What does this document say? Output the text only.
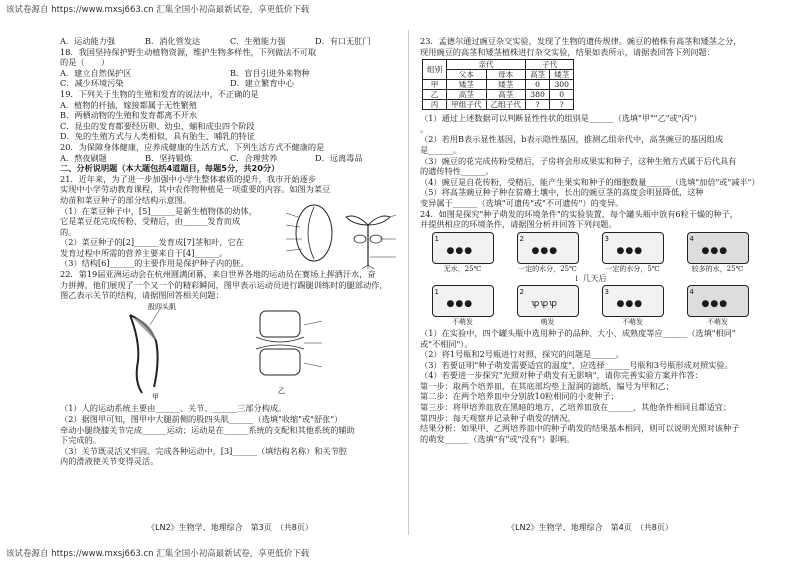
该试卷源自 https://www.mxsj663.cn 汇集全国小初高最新试卷，享更低价下载
A．运动能力强	B．消化管发达	C．生殖能力强	D．有口无肛门
18．我国坚持保护野生动植物资源，维护生物多样性，下列做法不可取
的是（　　）
A．建立自然保护区	B．盲目引进外来物种
C．减少环境污染	D．建立繁育中心
19．下列关于生物的生殖和发育的说法中，不正确的是
A．植物的扦插，嫁接都属于无性繁殖
B．两栖动物的生殖和发育都离不开水
C．昆虫的发育都要经历卵、幼虫、蛹和成虫四个阶段
D．兔的生殖方式与人类相似，具有胎生、哺乳的特征
20．为保障身体健康，应养成健康的生活方式，下列生活方式不健康的是
A．熬夜刷题	B．坚持锻炼	C．合理营养	D．远离毒品
二、分析说明题（本大题包括4道题目，每题5分，共20分）
21．近年来，为了进一步加强中小学生整体素质的提升，我市开始逐步
实现中小学劳动教育课程，其中农作物种植是一项重要的内容。如图为菜豆
幼苗和菜豆种子的部分结构示意图。
（1）在菜豆种子中，[5]______是新生植物体的幼体，
它是菜豆花完成传粉、受精后，由______发育而成
的。
（2）菜豆种子的[2]______发育成[7]茎和叶，它在
发育过程中所需的营养主要来自于[4]______。
（3）结构[6]______的主要作用是保护种子内的胚。
22．第19届亚洲运动会在杭州圆满闭幕，来自世界各地的运动员在赛场上挥洒汗水，奋
力拼搏，他们展现了一个又一个的精彩瞬间，图甲表示运动员进行踢腿训练时的腿部动作，
图乙表示关节的结构，请据图回答相关问题：
股四头肌
甲
乙
（1）人的运动系统主要由______、关节、______三部分构成。
（2）据图甲可知，图甲中大腿前侧的股四头肌______（选填"收缩"或"舒张"）
牵动小腿绕膝关节完成______运动；运动是在______系统的支配和其他系统的辅助
下完成的。
（3）关节既灵活又牢固。完成各种运动中，[3]______（填结构名称）和关节腔
内的滑液使关节变得灵活。
《LN2》生物学、地理综合　第3页　（共8页）
23．孟德尔通过豌豆杂交实验，发现了生物的遗传规律。豌豆的植株有高茎和矮茎之分，
现用豌豆的高茎和矮茎植株进行杂交实验，结果如表所示，请据表回答下列问题：
组别	亲代		子代	
	父本	母本	高茎	矮茎
甲	矮茎	矮茎	0	300
乙	高茎	高茎	380	0
丙	甲组子代	乙组子代	?	?
（1）通过上述数据可以判断显性性状的组别是______（选填"甲""乙"或"丙"）
。
（2）若用B表示显性基因，b表示隐性基因，推测乙组亲代中，高茎豌豆的基因组成
是______。
（3）豌豆的花完成传粉受精后，子房将会形成果实和种子，这种生殖方式属于后代具有
的遗传特性______。
（4）豌豆是自花传粉，受精后，能产生果实和种子的细胞数量______（选填"加倍"或"减半"）
（5）将高茎豌豆种子种在贫瘠土壤中，长出的豌豆茎的高度会明显降低，这种
变异属于______（选填"可遗传"或"不可遗传"）的变异。
24．如图是探究"种子萌发的环境条件"的实验装置，每个罐头瓶中放有6粒干燥的种子，
并提供相应的环境条件，请据图分析并回答下列问题。
1
●●●
无水，25℃
2
●●●
一定的水分，25℃
3
●●●
一定的水分，5℃
4
●●●
较多的水，25℃
↓ 几天后
1
●●●
不萌发
2
ꝕꝕꝕ
萌发
3
●●●
不萌发
4
●●●
不萌发
（1）在实验中，四个罐头瓶中选用种子的品种、大小、成熟度等应______（选填"相同"
或"不相同"）。
（2）将1号瓶和2号瓶进行对照，探究的问题是______。
（3）若要证明"种子萌发需要适宜的温度"，应选择______号瓶和3号瓶形成对照实验。
（4）若要进一步探究"光照对种子萌发有无影响"，请你完善实验方案并作答：
第一步：取两个培养皿，在其底部均垫上湿润的滤纸，编号为甲和乙；
第二步：在两个培养皿中分别放10粒相同的小麦种子；
第三步：将甲培养皿放在黑暗的地方，乙培养皿放在______，其他条件相同且都适宜；
第四步：每天观察并记录种子萌发的情况。
结果分析：如果甲、乙两培养皿中的种子萌发的结果基本相同，则可以说明光照对该种子
的萌发______（选填"有"或"没有"）影响。
《LN2》生物学、地理综合　第4页　（共8页）
该试卷源自 https://www.mxsj663.cn 汇集全国小初高最新试卷，享更低价下载
